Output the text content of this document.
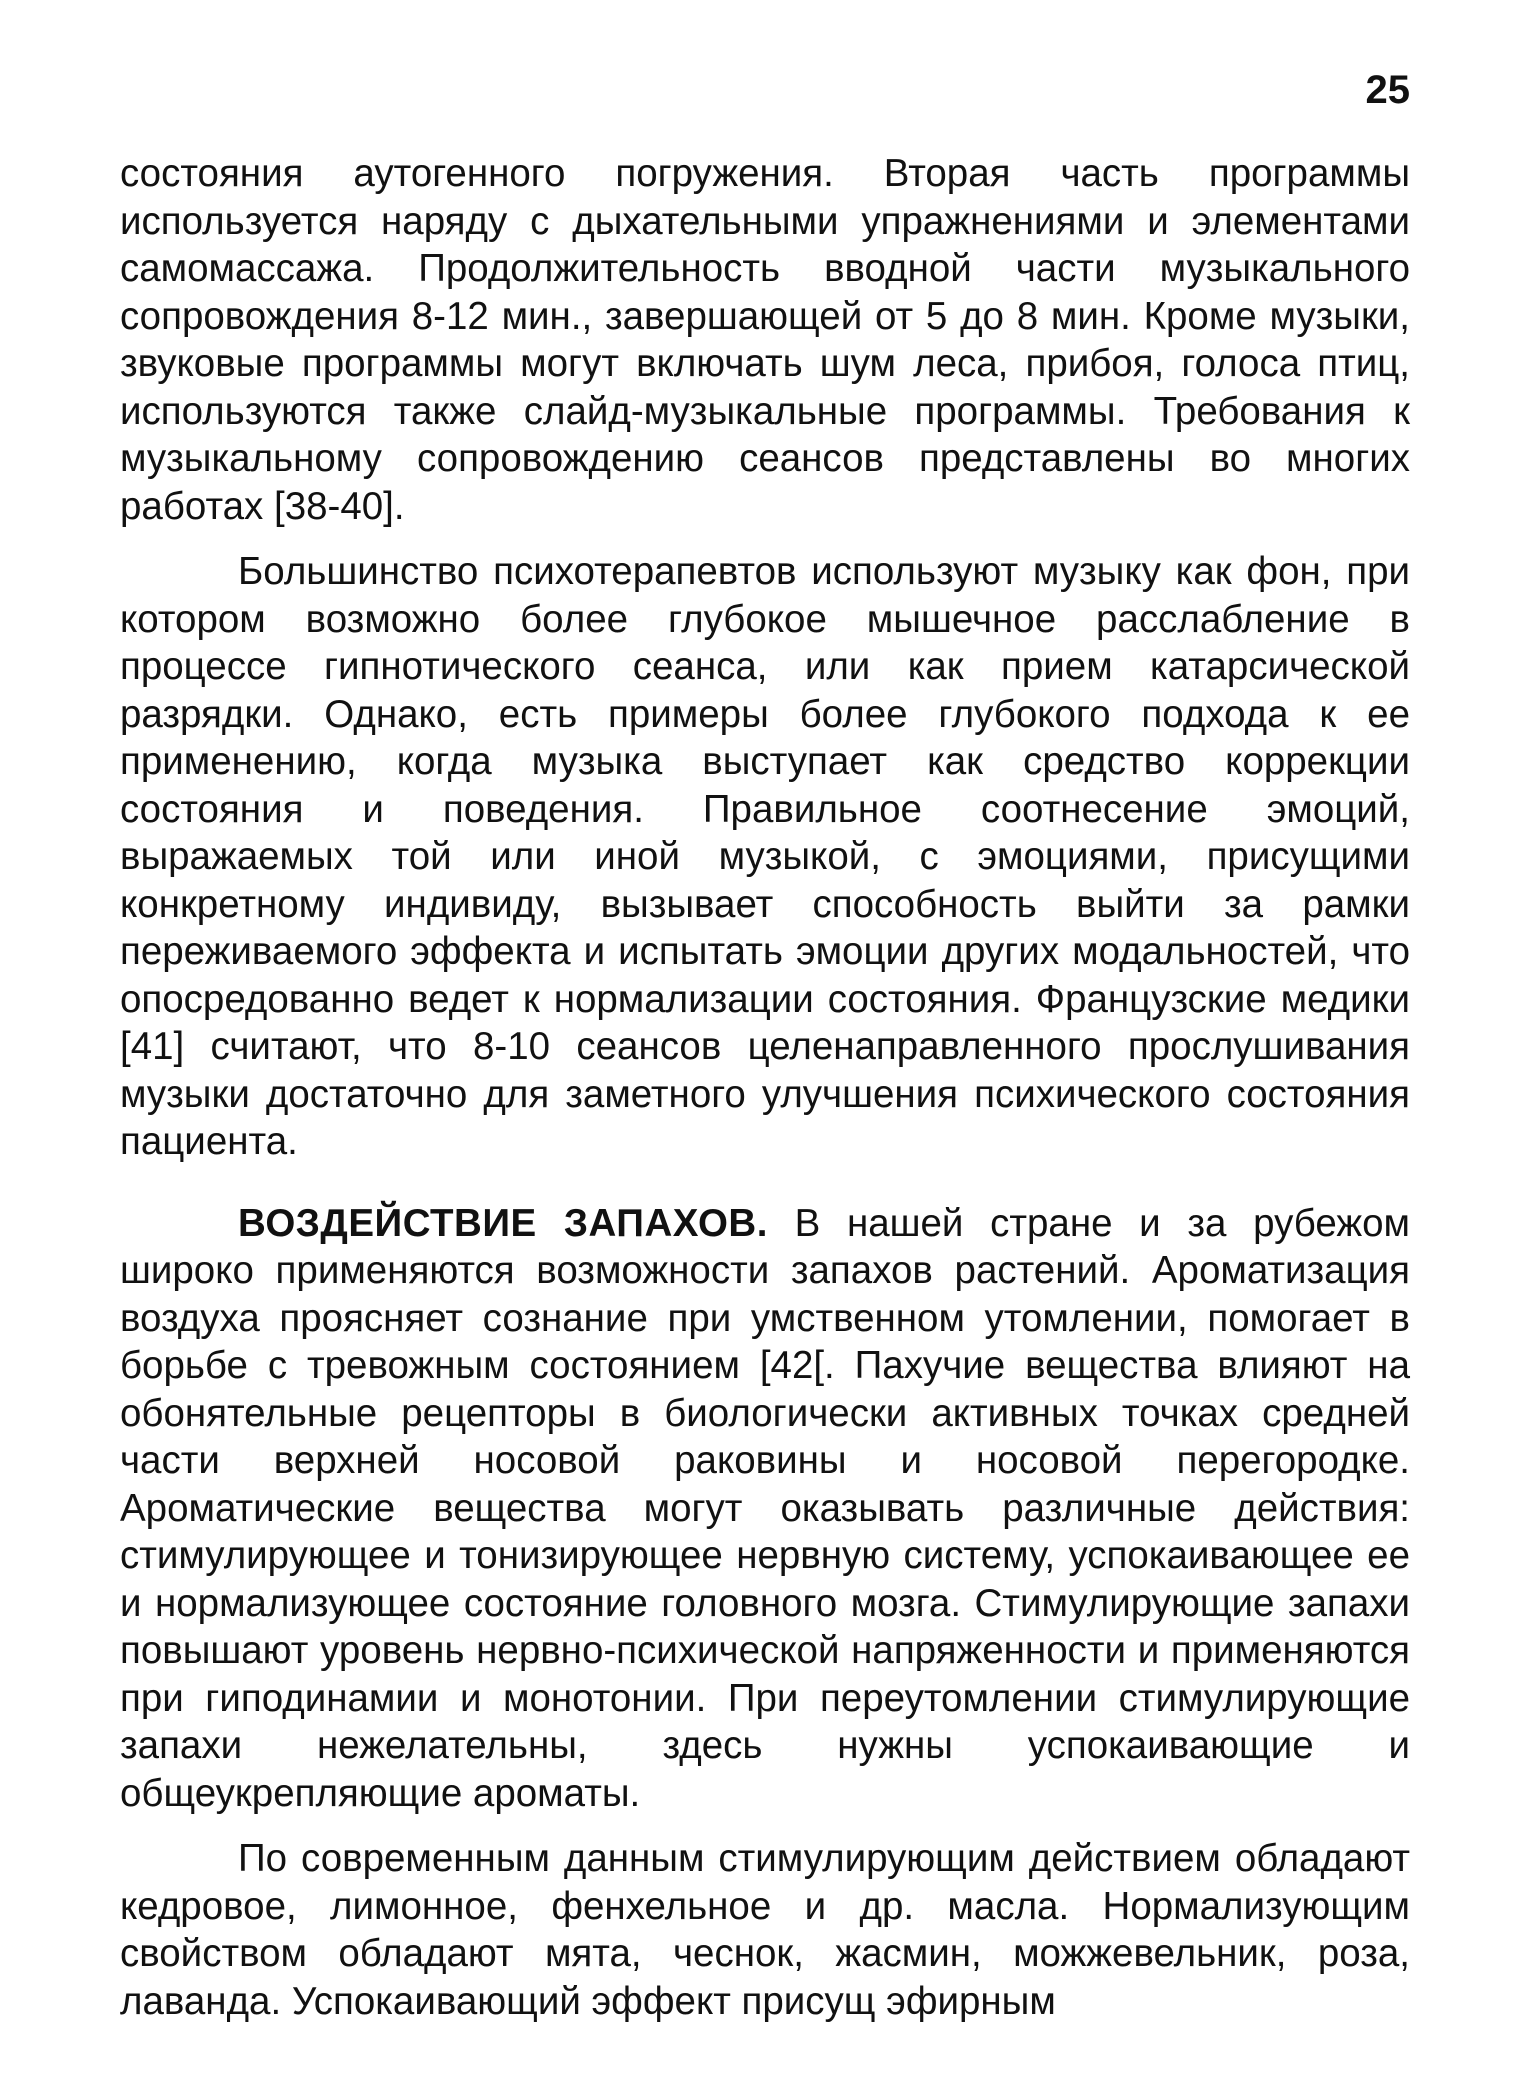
25

состояния аутогенного погружения. Вторая часть программы используется наряду с дыхательными упражнениями и элементами самомассажа. Продолжительность вводной части музыкального сопровождения 8-12 мин., завершающей от 5 до 8 мин. Кроме музыки, звуковые программы могут включать шум леса, прибоя, голоса птиц, используются также слайд-музыкальные программы. Требования к музыкальному сопровождению сеансов представлены во многих работах [38-40].

Большинство психотерапевтов используют музыку как фон, при котором возможно более глубокое мышечное расслабление в процессе гипнотического сеанса, или как прием катарсической разрядки. Однако, есть примеры более глубокого подхода к ее применению, когда музыка выступает как средство коррекции состояния и поведения. Правильное соотнесение эмоций, выражаемых той или иной музыкой, с эмоциями, присущими конкретному индивиду, вызывает способность выйти за рамки переживаемого эффекта и испытать эмоции других модальностей, что опосредованно ведет к нормализации состояния. Французские медики [41] считают, что 8-10 сеансов целенаправленного прослушивания музыки достаточно для заметного улучшения психического состояния пациента.

ВОЗДЕЙСТВИЕ ЗАПАХОВ. В нашей стране и за рубежом широко применяются возможности запахов растений. Ароматизация воздуха проясняет сознание при умственном утомлении, помогает в борьбе с тревожным состоянием [42[. Пахучие вещества влияют на обонятельные рецепторы в биологически активных точках средней части верхней носовой раковины и носовой перегородке. Ароматические вещества могут оказывать различные действия: стимулирующее и тонизирующее нервную систему, успокаивающее ее и нормализующее состояние головного мозга. Стимулирующие запахи повышают уровень нервно-психической напряженности и применяются при гиподинамии и монотонии. При переутомлении стимулирующие запахи нежелательны, здесь нужны успокаивающие и общеукрепляющие ароматы.

По современным данным стимулирующим действием обладают кедровое, лимонное, фенхельное и др. масла. Нормализующим свойством обладают мята, чеснок, жасмин, можжевельник, роза, лаванда. Успокаивающий эффект присущ эфирным
